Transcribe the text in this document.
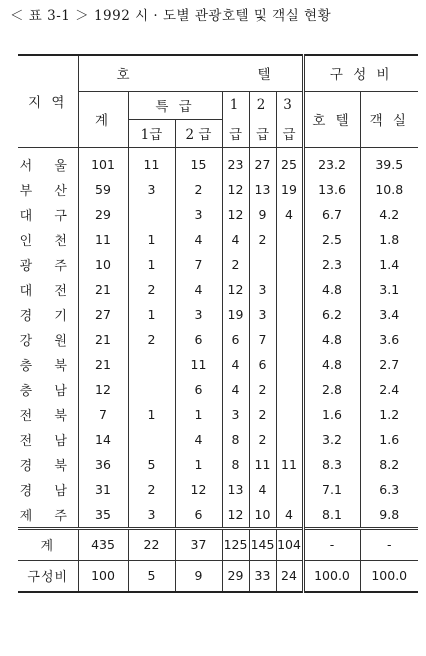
＜ 표 3-1 ＞ 1992 시 · 도별 관광호텔 및 객실 현황
지 역	호 텔						구 성 비	
	계	특 급		1	2	3	호 텔	객 실
		1급	2 급	급	급	급		
서 울	101	11	15	23	27	25	23.2	39.5
부 산	59	3	2	12	13	19	13.6	10.8
대 구	29		3	12	9	4	6.7	4.2
인 천	11	1	4	4	2		2.5	1.8
광 주	10	1	7	2			2.3	1.4
대 전	21	2	4	12	3		4.8	3.1
경 기	27	1	3	19	3		6.2	3.4
강 원	21	2	6	6	7		4.8	3.6
충 북	21		11	4	6		4.8	2.7
충 남	12		6	4	2		2.8	2.4
전 북	7	1	1	3	2		1.6	1.2
전 남	14		4	8	2		3.2	1.6
경 북	36	5	1	8	11	11	8.3	8.2
경 남	31	2	12	13	4		7.1	6.3
제 주	35	3	6	12	10	4	8.1	9.8
계	435	22	37	125	145	104	-	-
구성비	100	5	9	29	33	24	100.0	100.0
